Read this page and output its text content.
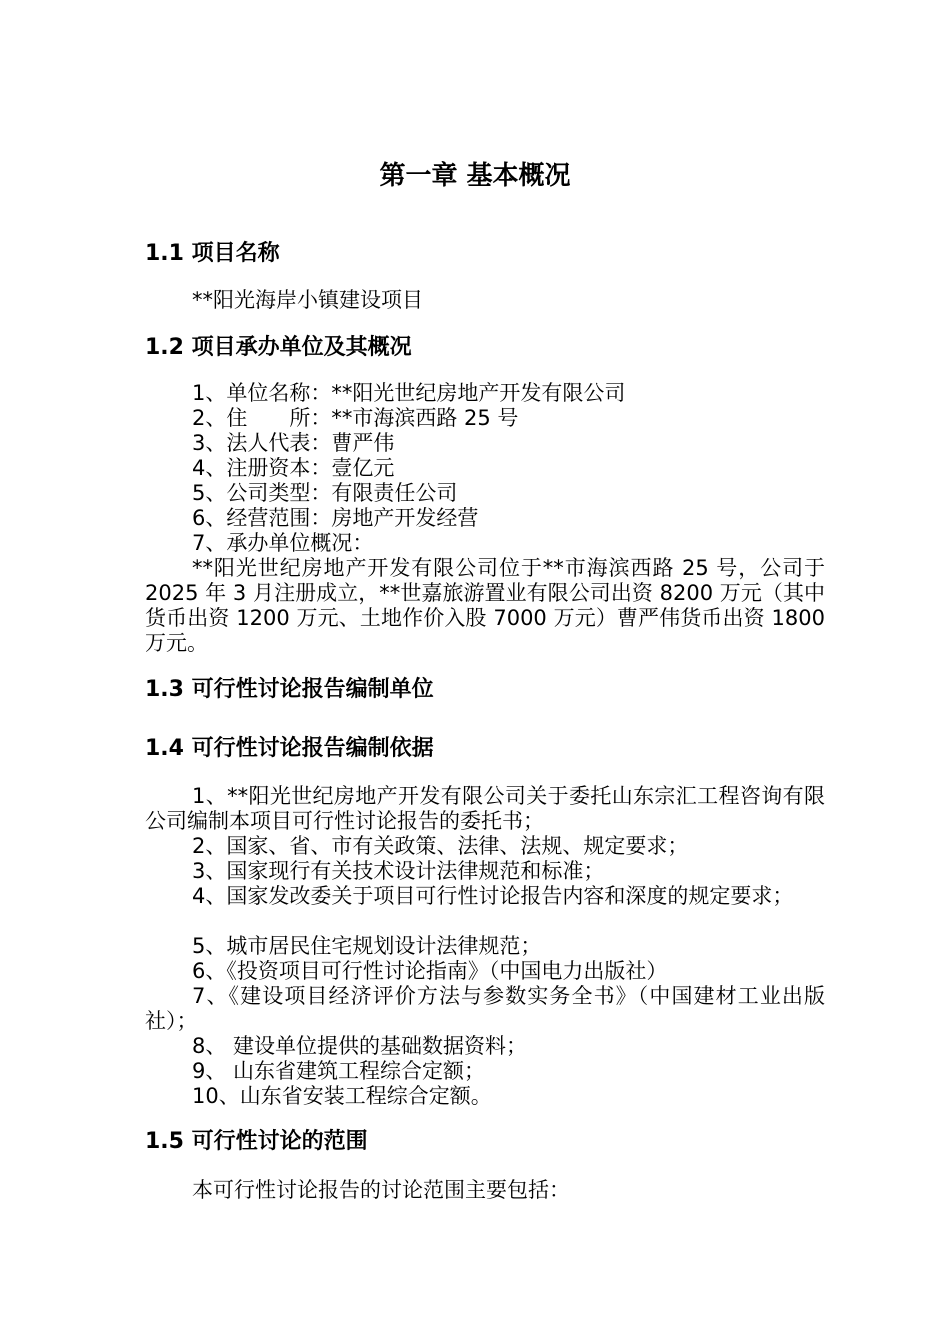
第一章 基本概况
1.1 项目名称
**阳光海岸小镇建设项目
1.2 项目承办单位及其概况
1、单位名称：**阳光世纪房地产开发有限公司
2、住　　所：**市海滨西路 25 号
3、法人代表：曹严伟
4、注册资本：壹亿元
5、公司类型：有限责任公司
6、经营范围：房地产开发经营
7、承办单位概况：
**阳光世纪房地产开发有限公司位于**市海滨西路 25 号，公司于 2025 年 3 月注册成立，**世嘉旅游置业有限公司出资 8200 万元（其中货币出资 1200 万元、土地作价入股 7000 万元）曹严伟货币出资 1800 万元。
1.3 可行性讨论报告编制单位
1.4 可行性讨论报告编制依据
1、**阳光世纪房地产开发有限公司关于委托山东宗汇工程咨询有限公司编制本项目可行性讨论报告的委托书；
2、国家、省、市有关政策、法律、法规、规定要求；
3、国家现行有关技术设计法律规范和标准；
4、国家发改委关于项目可行性讨论报告内容和深度的规定要求；
5、城市居民住宅规划设计法律规范；
6、《投资项目可行性讨论指南》（中国电力出版社）
7、《建设项目经济评价方法与参数实务全书》（中国建材工业出版社）；
8、 建设单位提供的基础数据资料；
9、 山东省建筑工程综合定额；
10、山东省安装工程综合定额。
1.5 可行性讨论的范围
本可行性讨论报告的讨论范围主要包括：
